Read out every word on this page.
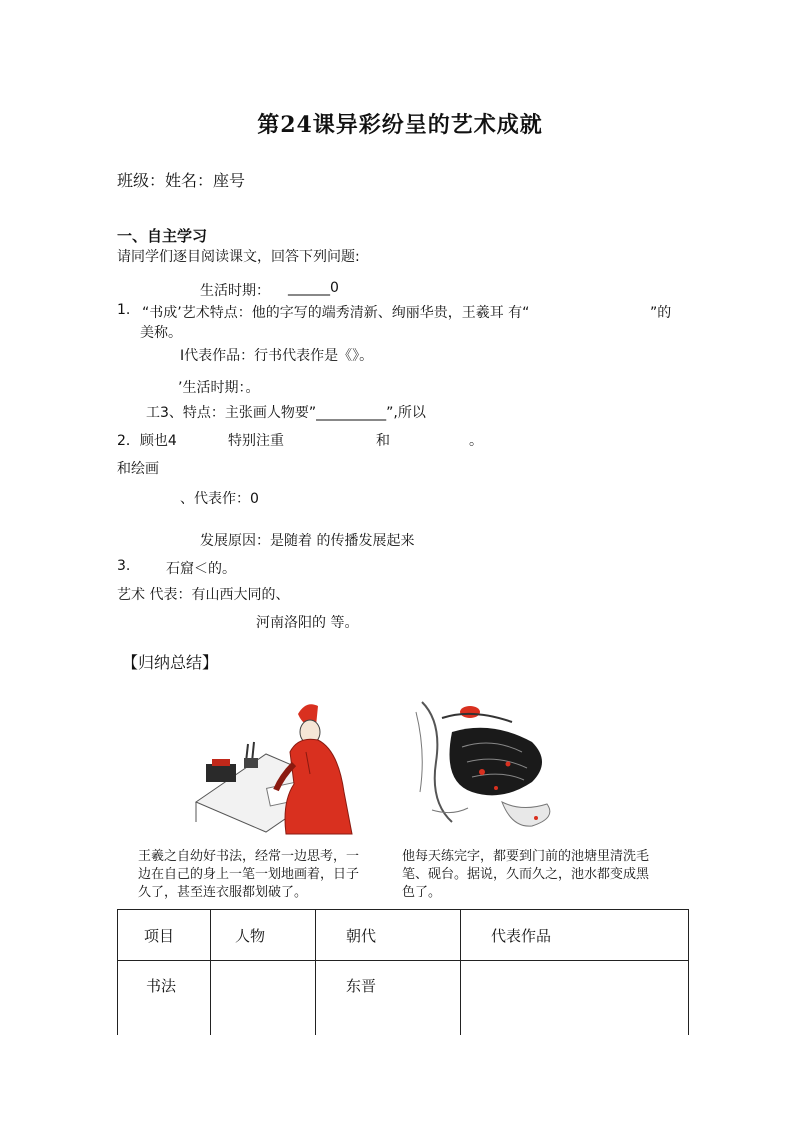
第24课异彩纷呈的艺术成就
班级：姓名：座号
一、自主学习
请同学们逐目阅读课文，回答下列问题:
生活时期： ______0
1. “书成’艺术特点：他的字写的端秀清新、绚丽华贵，王羲耳 有“	”的
美称。
I代表作品：行书代表作是《》。
’生活时期：。
工3、特点：主张画人物要”__________”,所以
2．顾也4	特别注重	和	。
和绘画
、代表作：0
发展原因：是随着 的传播发展起来
3.	石窟＜的。
艺术 代表：有山西大同的、
河南洛阳的 等。
【归纳总结】
王羲之自幼好书法，经常一边思考，一边在自己的身上一笔一划地画着，日子久了，甚至连衣服都划破了。
他每天练完字，都要到门前的池塘里清洗毛笔、砚台。据说，久而久之，池水都变成黑色了。
项目	人物	朝代	代表作品
书法		东晋	
